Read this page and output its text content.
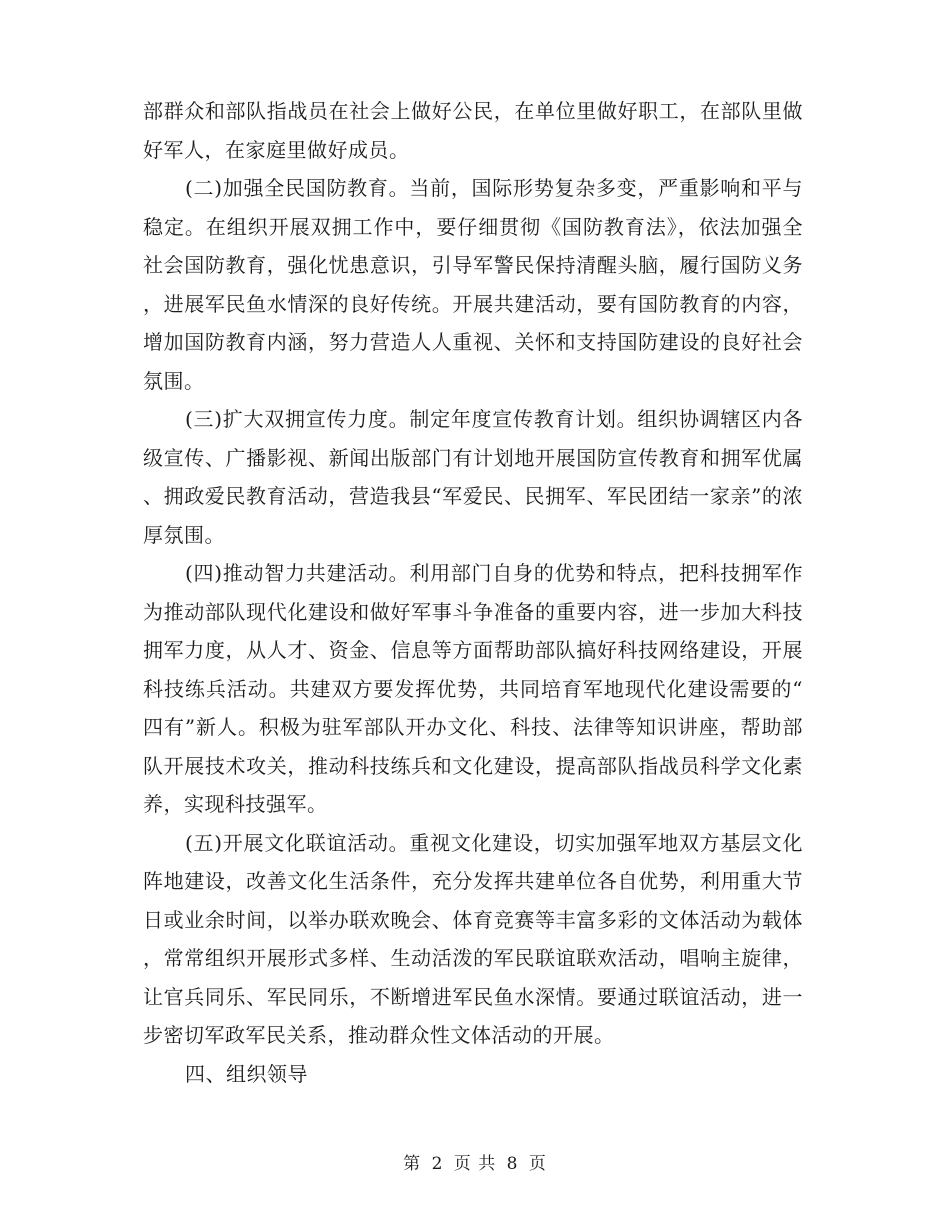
部群众和部队指战员在社会上做好公民，在单位里做好职工，在部队里做好军人，在家庭里做好成员。

(二)加强全民国防教育。当前，国际形势复杂多变，严重影响和平与稳定。在组织开展双拥工作中，要仔细贯彻《国防教育法》，依法加强全社会国防教育，强化忧患意识，引导军警民保持清醒头脑，履行国防义务，进展军民鱼水情深的良好传统。开展共建活动，要有国防教育的内容，增加国防教育内涵，努力营造人人重视、关怀和支持国防建设的良好社会氛围。

(三)扩大双拥宣传力度。制定年度宣传教育计划。组织协调辖区内各级宣传、广播影视、新闻出版部门有计划地开展国防宣传教育和拥军优属、拥政爱民教育活动，营造我县“军爱民、民拥军、军民团结一家亲”的浓厚氛围。

(四)推动智力共建活动。利用部门自身的优势和特点，把科技拥军作为推动部队现代化建设和做好军事斗争准备的重要内容，进一步加大科技拥军力度，从人才、资金、信息等方面帮助部队搞好科技网络建设，开展科技练兵活动。共建双方要发挥优势，共同培育军地现代化建设需要的“四有”新人。积极为驻军部队开办文化、科技、法律等知识讲座，帮助部队开展技术攻关，推动科技练兵和文化建设，提高部队指战员科学文化素养，实现科技强军。

(五)开展文化联谊活动。重视文化建设，切实加强军地双方基层文化阵地建设，改善文化生活条件，充分发挥共建单位各自优势，利用重大节日或业余时间，以举办联欢晚会、体育竞赛等丰富多彩的文体活动为载体，常常组织开展形式多样、生动活泼的军民联谊联欢活动，唱响主旋律，让官兵同乐、军民同乐，不断增进军民鱼水深情。要通过联谊活动，进一步密切军政军民关系，推动群众性文体活动的开展。

四、组织领导

第 2 页 共 8 页
